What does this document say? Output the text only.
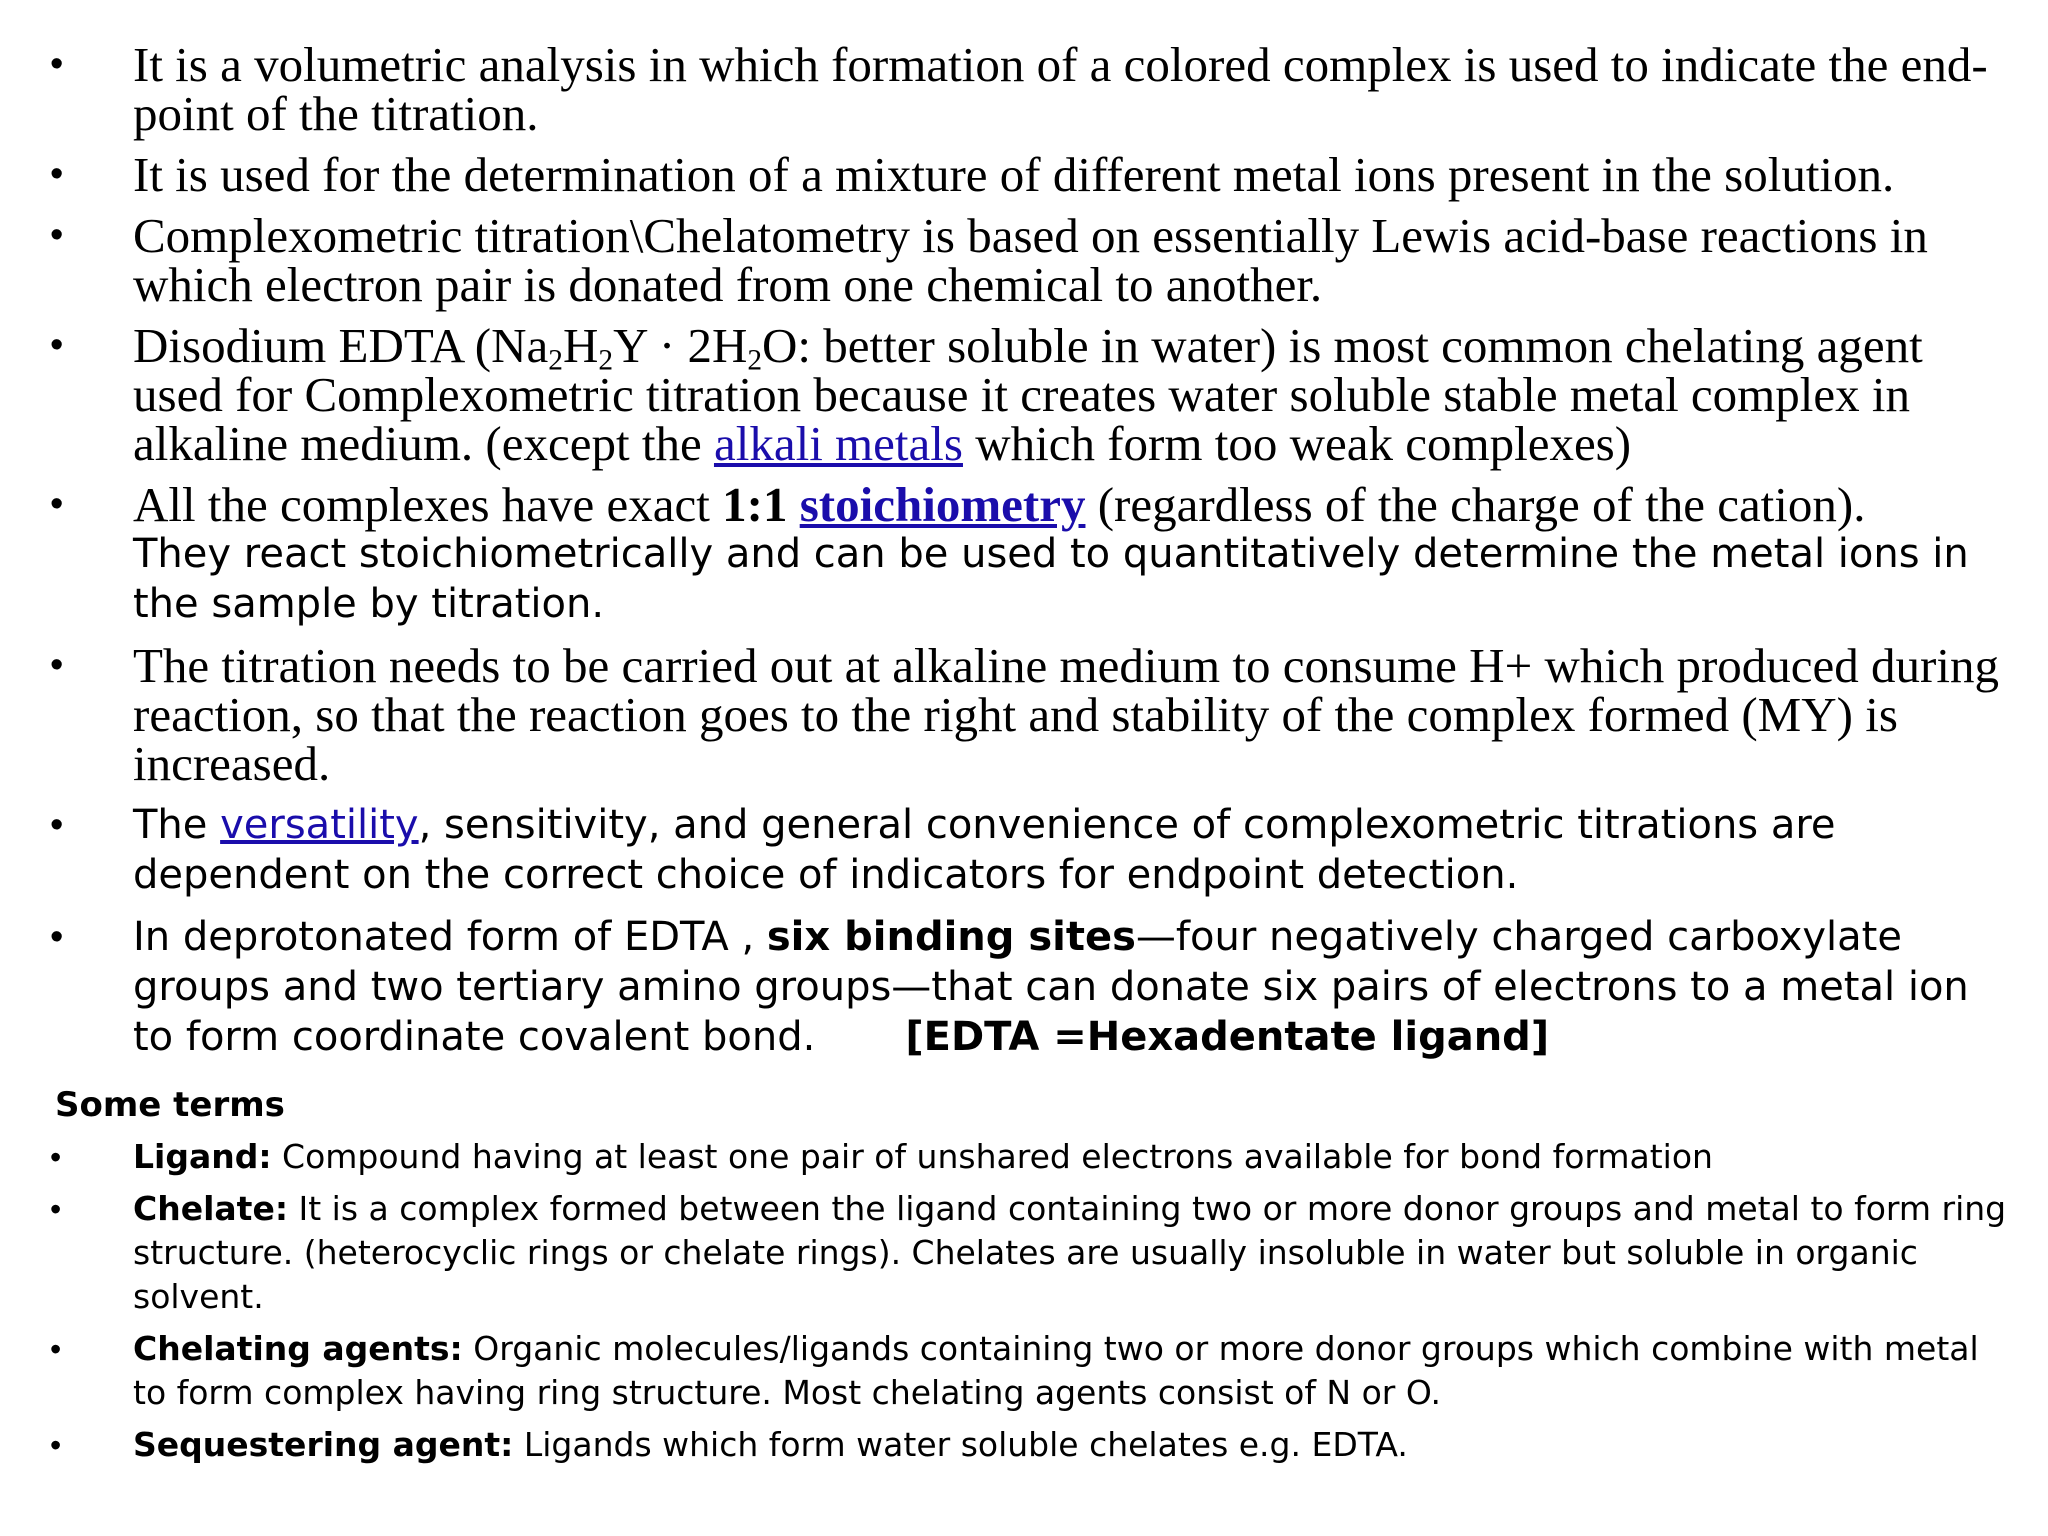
• It is a volumetric analysis in which formation of a colored complex is used to indicate the end-point of the titration.
• It is used for the determination of a mixture of different metal ions present in the solution.
• Complexometric titration\Chelatometry is based on essentially Lewis acid-base reactions in which electron pair is donated from one chemical to another.
• Disodium EDTA ($Na_2H_2Y \cdot 2H_2O$: better soluble in water) is most common chelating agent used for Complexometric titration because it creates water soluble stable metal complex in alkaline medium. (except the alkali metals which form too weak complexes)
• All the complexes have exact 1:1 stoichiometry (regardless of the charge of the cation).
They react stoichiometrically and can be used to quantitatively determine the metal ions in the sample by titration.
• The titration needs to be carried out at alkaline medium to consume H+ which produced during reaction, so that the reaction goes to the right and stability of the complex formed (MY) is increased.
• The versatility, sensitivity, and general convenience of complexometric titrations are dependent on the correct choice of indicators for endpoint detection.
• In deprotonated form of EDTA , six binding sites—four negatively charged carboxylate groups and two tertiary amino groups—that can donate six pairs of electrons to a metal ion to form coordinate covalent bond. [EDTA =Hexadentate ligand]
Some terms
• Ligand: Compound having at least one pair of unshared electrons available for bond formation
• Chelate: It is a complex formed between the ligand containing two or more donor groups and metal to form ring structure. (heterocyclic rings or chelate rings). Chelates are usually insoluble in water but soluble in organic solvent.
• Chelating agents: Organic molecules/ligands containing two or more donor groups which combine with metal to form complex having ring structure. Most chelating agents consist of N or O.
• Sequestering agent: Ligands which form water soluble chelates e.g. EDTA.
